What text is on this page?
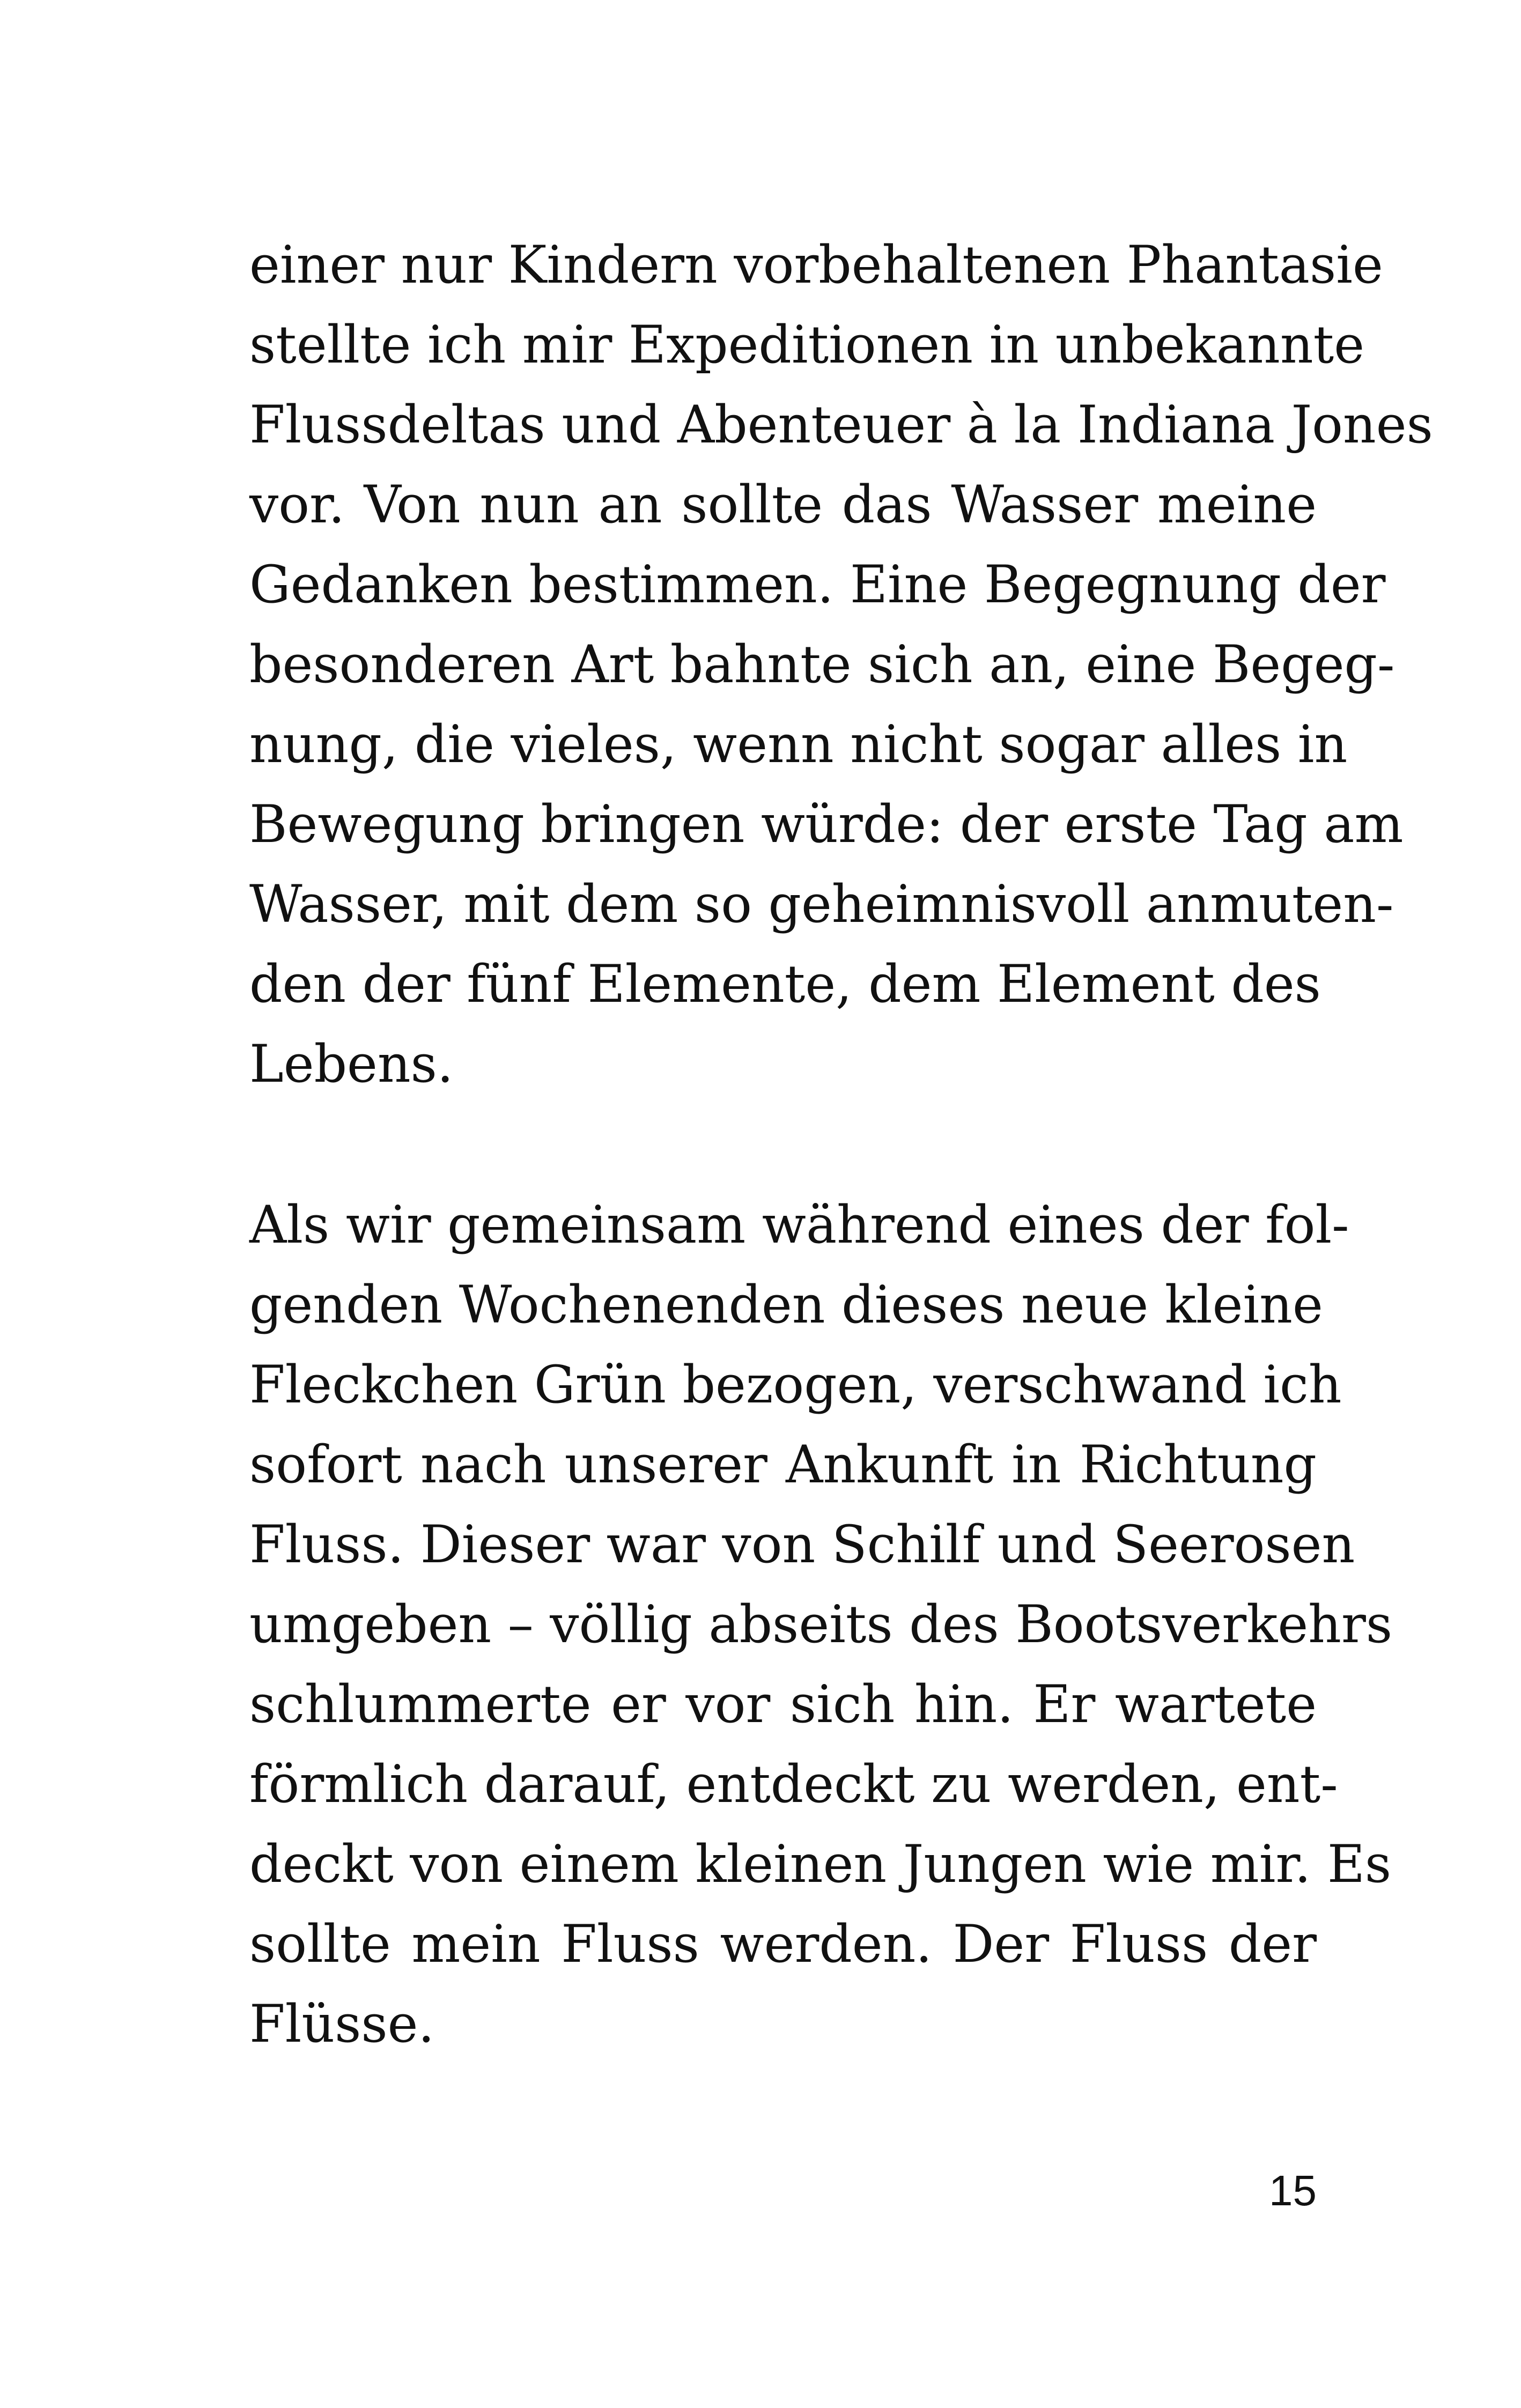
einer nur Kindern vorbehaltenen Phantasie
stellte ich mir Expeditionen in unbekannte
Flussdeltas und Abenteuer à la Indiana Jones
vor. Von nun an sollte das Wasser meine
Gedanken bestimmen. Eine Begegnung der
besonderen Art bahnte sich an, eine Begeg-
nung, die vieles, wenn nicht sogar alles in
Bewegung bringen würde: der erste Tag am
Wasser, mit dem so geheimnisvoll anmuten-
den der fünf Elemente, dem Element des
Lebens.
Als wir gemeinsam während eines der fol-
genden Wochenenden dieses neue kleine
Fleckchen Grün bezogen, verschwand ich
sofort nach unserer Ankunft in Richtung
Fluss. Dieser war von Schilf und Seerosen
umgeben – völlig abseits des Bootsverkehrs
schlummerte er vor sich hin. Er wartete
förmlich darauf, entdeckt zu werden, ent-
deckt von einem kleinen Jungen wie mir. Es
sollte mein Fluss werden. Der Fluss der
Flüsse.
15
